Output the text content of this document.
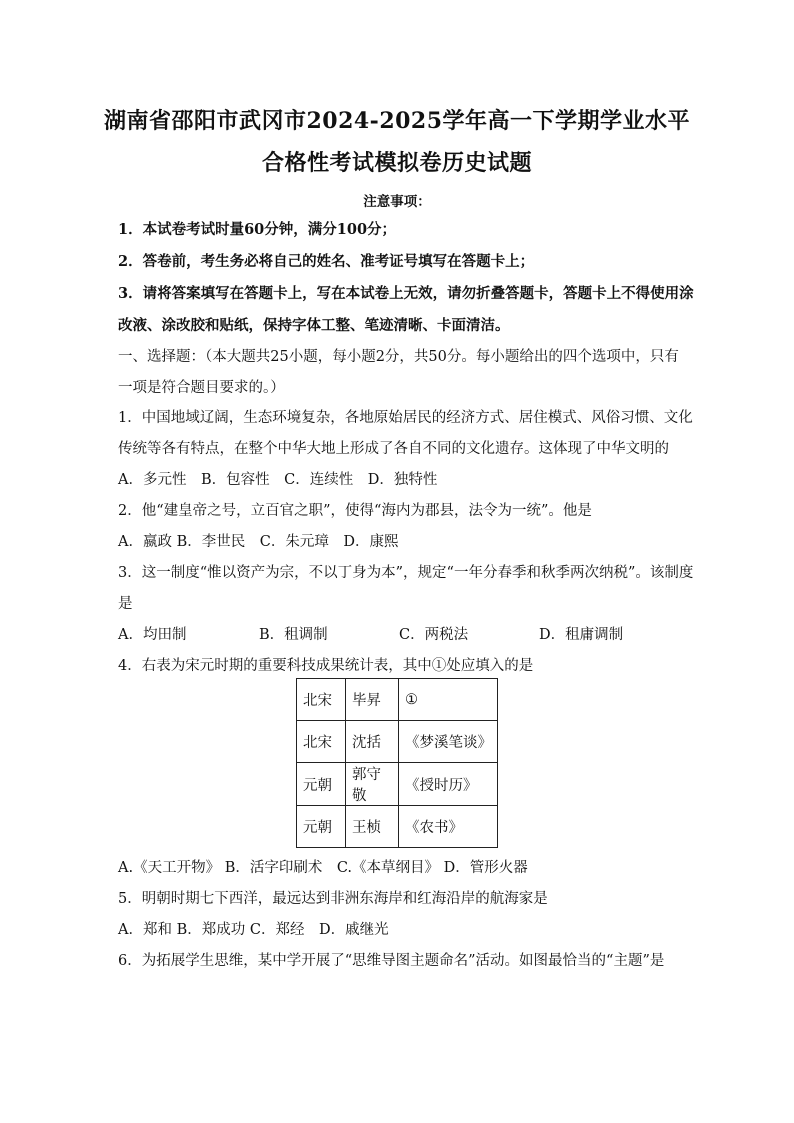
湖南省邵阳市武冈市2024-2025学年高一下学期学业水平
合格性考试模拟卷历史试题
注意事项：
1．本试卷考试时量60分钟，满分100分；
2．答卷前，考生务必将自己的姓名、准考证号填写在答题卡上；
3．请将答案填写在答题卡上，写在本试卷上无效，请勿折叠答题卡，答题卡上不得使用涂
改液、涂改胶和贴纸，保持字体工整、笔迹清晰、卡面清洁。
一、选择题：（本大题共25小题，每小题2分，共50分。每小题给出的四个选项中，只有
一项是符合题目要求的。）
1．中国地域辽阔，生态环境复杂，各地原始居民的经济方式、居住模式、风俗习惯、文化
传统等各有特点，在整个中华大地上形成了各自不同的文化遗存。这体现了中华文明的
A．多元性　B．包容性　C．连续性　D．独特性
2．他“建皇帝之号，立百官之职”，使得“海内为郡县，法令为一统”。他是
A．嬴政 B．李世民　C．朱元璋　D．康熙
3．这一制度“惟以资产为宗，不以丁身为本”，规定“一年分春季和秋季两次纳税”。该制度
是
A．均田制	B．租调制	C．两税法	D．租庸调制
4．右表为宋元时期的重要科技成果统计表，其中①处应填入的是
北宋	毕昇	①
北宋	沈括	《梦溪笔谈》
元朝	郭守敬	《授时历》
元朝	王桢	《农书》
A.《天工开物》 B．活字印刷术　C.《本草纲目》 D．管形火器
5．明朝时期七下西洋，最远达到非洲东海岸和红海沿岸的航海家是
A．郑和 B．郑成功 C．郑经　D．戚继光
6．为拓展学生思维，某中学开展了“思维导图主题命名”活动。如图最恰当的“主题”是
